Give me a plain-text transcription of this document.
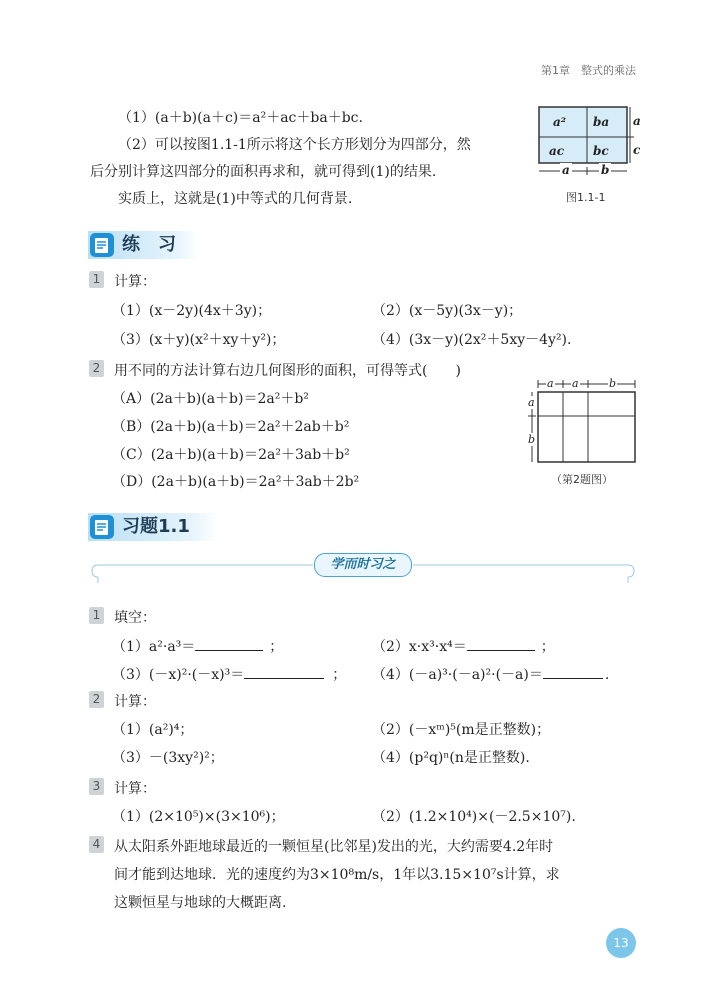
第1章　整式的乘法
（1）(a＋b)(a＋c)＝a²＋ac＋ba＋bc.
（2）可以按图1.1-1所示将这个长方形划分为四部分，然
后分别计算这四部分的面积再求和，就可得到(1)的结果.
实质上，这就是(1)中等式的几何背景.
a² ba
ac bc
a
c
a	b
图1.1-1
练　习
1 计算：
（1）(x－2y)(4x＋3y)；	（2）(x－5y)(3x－y)；
（3）(x＋y)(x²＋xy＋y²)；	（4）(3x－y)(2x²＋5xy－4y²).
2 用不同的方法计算右边几何图形的面积，可得等式(　　)
（A）(2a＋b)(a＋b)＝2a²＋b²
（B）(2a＋b)(a＋b)＝2a²＋2ab＋b²
（C）(2a＋b)(a＋b)＝2a²＋3ab＋b²
（D）(2a＋b)(a＋b)＝2a²＋3ab＋2b²
a a	b
a
b
（第2题图）
习题1.1
学而时习之
1 填空：
（1）a²·a³＝	；	（2）x·x³·x⁴＝	；
（3）(－x)²·(－x)³＝	； （4）(－a)³·(－a)²·(－a)＝	.
2 计算：
（1）(a²)⁴；	（2）(－xᵐ)⁵(m是正整数)；
（3）－(3xy²)²；	（4）(p²q)ⁿ(n是正整数).
3 计算：
（1）(2×10⁵)×(3×10⁶)；	（2）(1.2×10⁴)×(－2.5×10⁷).
4 从太阳系外距地球最近的一颗恒星(比邻星)发出的光，大约需要4.2年时
间才能到达地球．光的速度约为3×10⁸m/s，1年以3.15×10⁷s计算，求
这颗恒星与地球的大概距离.
13
